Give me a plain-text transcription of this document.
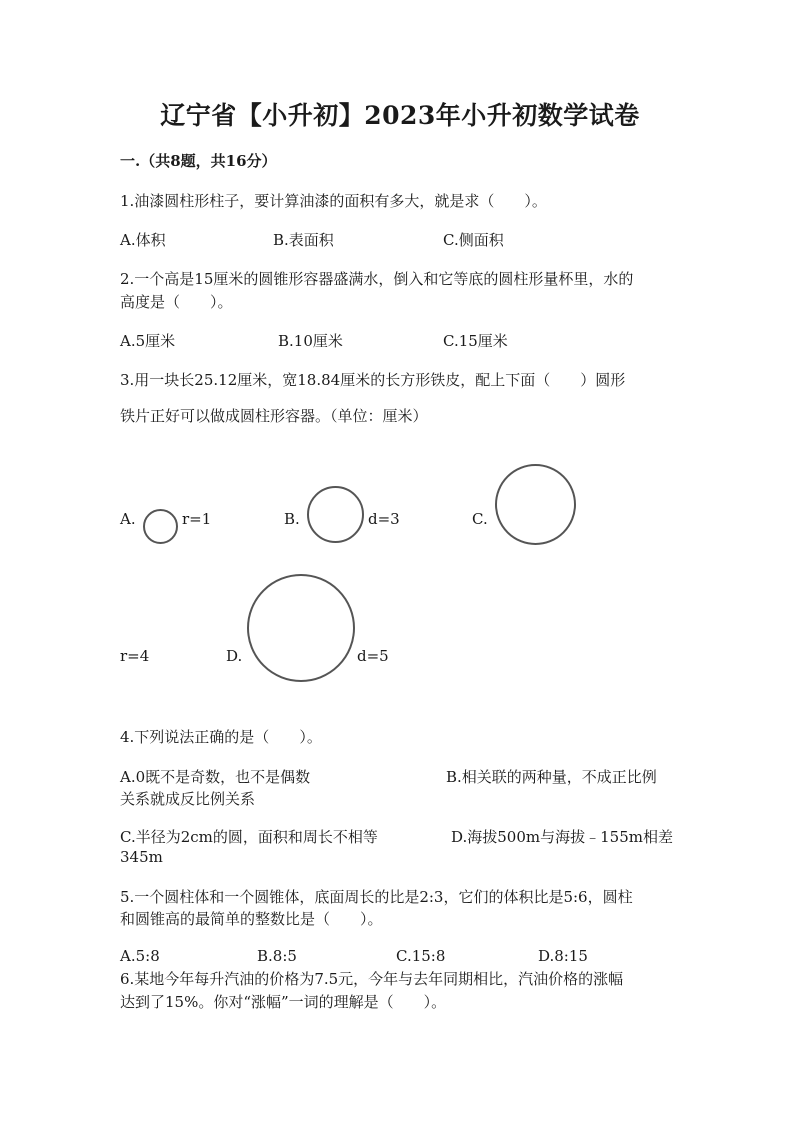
辽宁省【小升初】2023年小升初数学试卷
一.（共8题，共16分）
1.油漆圆柱形柱子，要计算油漆的面积有多大，就是求（　　）。
A.体积	B.表面积	C.侧面积
2.一个高是15厘米的圆锥形容器盛满水，倒入和它等底的圆柱形量杯里，水的
高度是（　　）。
A.5厘米	B.10厘米	C.15厘米
3.用一块长25.12厘米，宽18.84厘米的长方形铁皮，配上下面（　　）圆形
铁片正好可以做成圆柱形容器。（单位：厘米）
A.	r=1	B.	d=3	C.
r=4	D.	d=5
4.下列说法正确的是（　　）。
A.0既不是奇数，也不是偶数	B.相关联的两种量，不成正比例
关系就成反比例关系
C.半径为2cm的圆，面积和周长不相等	D.海拔500m与海拔﹣155m相差
345m
5.一个圆柱体和一个圆锥体，底面周长的比是2:3，它们的体积比是5:6，圆柱
和圆锥高的最简单的整数比是（　　）。
A.5:8	B.8:5	C.15:8	D.8:15
6.某地今年每升汽油的价格为7.5元，今年与去年同期相比，汽油价格的涨幅
达到了15%。你对“涨幅”一词的理解是（　　）。
